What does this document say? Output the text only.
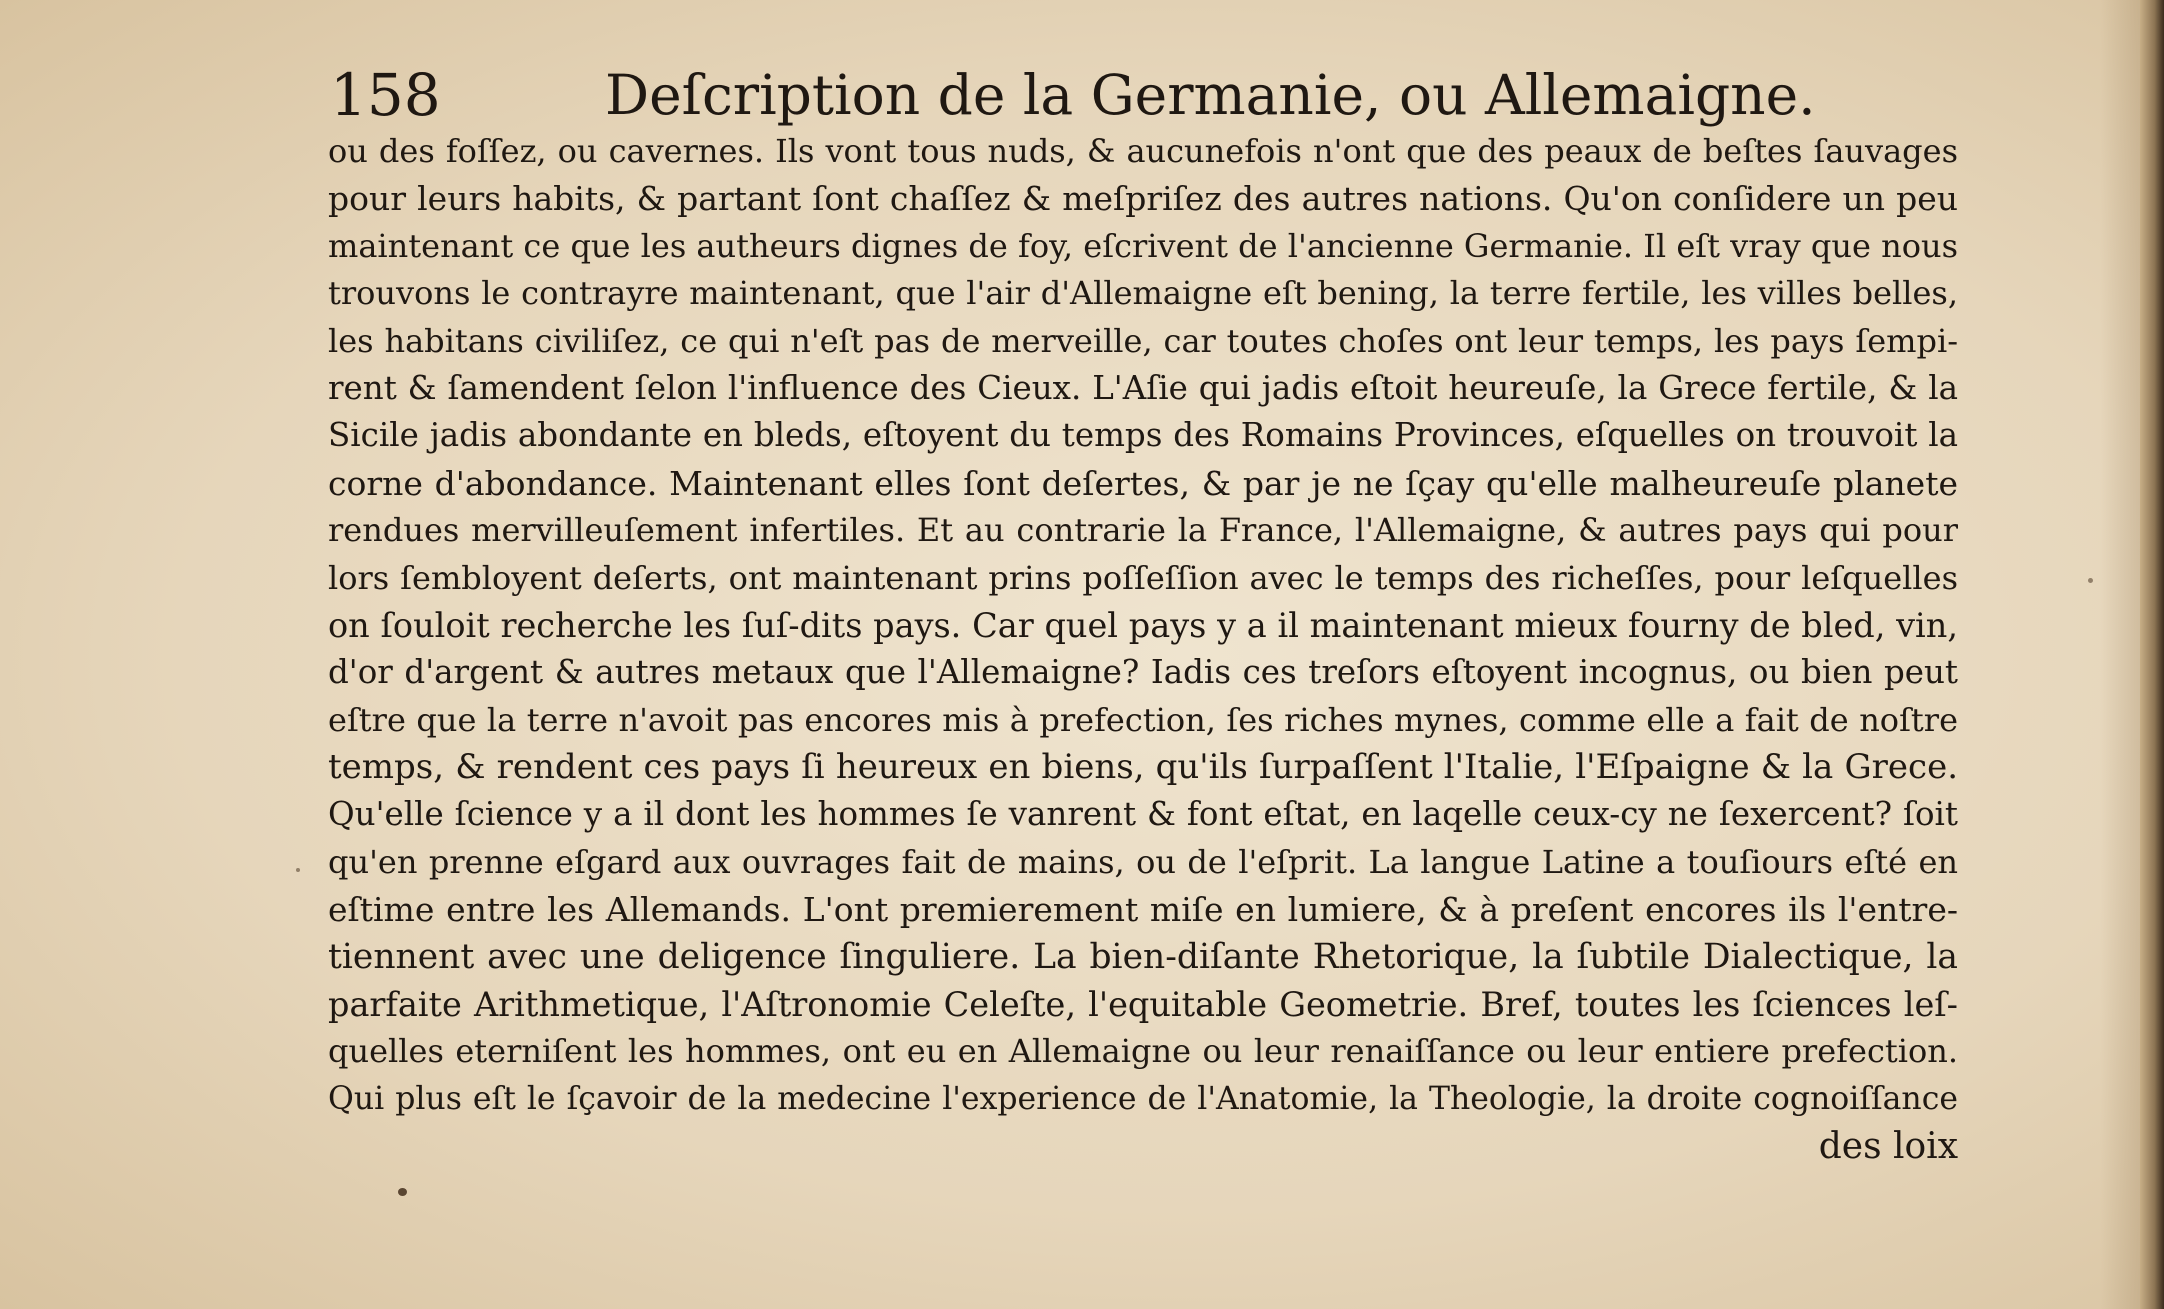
158	Deſcription de la Germanie, ou Allemaigne.
ou des foſſez, ou cavernes. Ils vont tous nuds, & aucunefois n'ont que des peaux de beſtes ſauvages
pour leurs habits, & partant ſont chaſſez & meſpriſez des autres nations. Qu'on conſidere un peu
maintenant ce que les autheurs dignes de foy, eſcrivent de l'ancienne Germanie. Il eſt vray que nous
trouvons le contrayre maintenant, que l'air d'Allemaigne eſt bening, la terre fertile, les villes belles,
les habitans civiliſez, ce qui n'eſt pas de merveille, car toutes choſes ont leur temps, les pays ſempi-
rent & ſamendent ſelon l'influence des Cieux. L'Aſie qui jadis eſtoit heureuſe, la Grece fertile, & la
Sicile jadis abondante en bleds, eſtoyent du temps des Romains Provinces, eſquelles on trouvoit la
corne d'abondance. Maintenant elles ſont deſertes, & par je ne ſçay qu'elle malheureuſe planete
rendues mervilleuſement infertiles. Et au contrarie la France, l'Allemaigne, & autres pays qui pour
lors ſembloyent deſerts, ont maintenant prins poſſeſſion avec le temps des richeſſes, pour leſquelles
on ſouloit recherche les ſuſ-dits pays. Car quel pays y a il maintenant mieux fourny de bled, vin,
d'or d'argent & autres metaux que l'Allemaigne? Iadis ces treſors eſtoyent incognus, ou bien peut
eſtre que la terre n'avoit pas encores mis à prefection, ſes riches mynes, comme elle a fait de noſtre
temps, & rendent ces pays ſi heureux en biens, qu'ils ſurpaſſent l'Italie, l'Eſpaigne & la Grece.
Qu'elle ſcience y a il dont les hommes ſe vanrent & font eſtat, en laqelle ceux-cy ne ſexercent? ſoit
qu'en prenne eſgard aux ouvrages fait de mains, ou de l'eſprit. La langue Latine a touſiours eſté en
eſtime entre les Allemands. L'ont premierement miſe en lumiere, & à preſent encores ils l'entre-
tiennent avec une deligence ſinguliere. La bien-diſante Rhetorique, la ſubtile Dialectique, la
parfaite Arithmetique, l'Aſtronomie Celeſte, l'equitable Geometrie. Bref, toutes les ſciences leſ-
quelles eterniſent les hommes, ont eu en Allemaigne ou leur renaiſſance ou leur entiere prefection.
Qui plus eſt le ſçavoir de la medecine l'experience de l'Anatomie, la Theologie, la droite cognoiſſance
des loix
